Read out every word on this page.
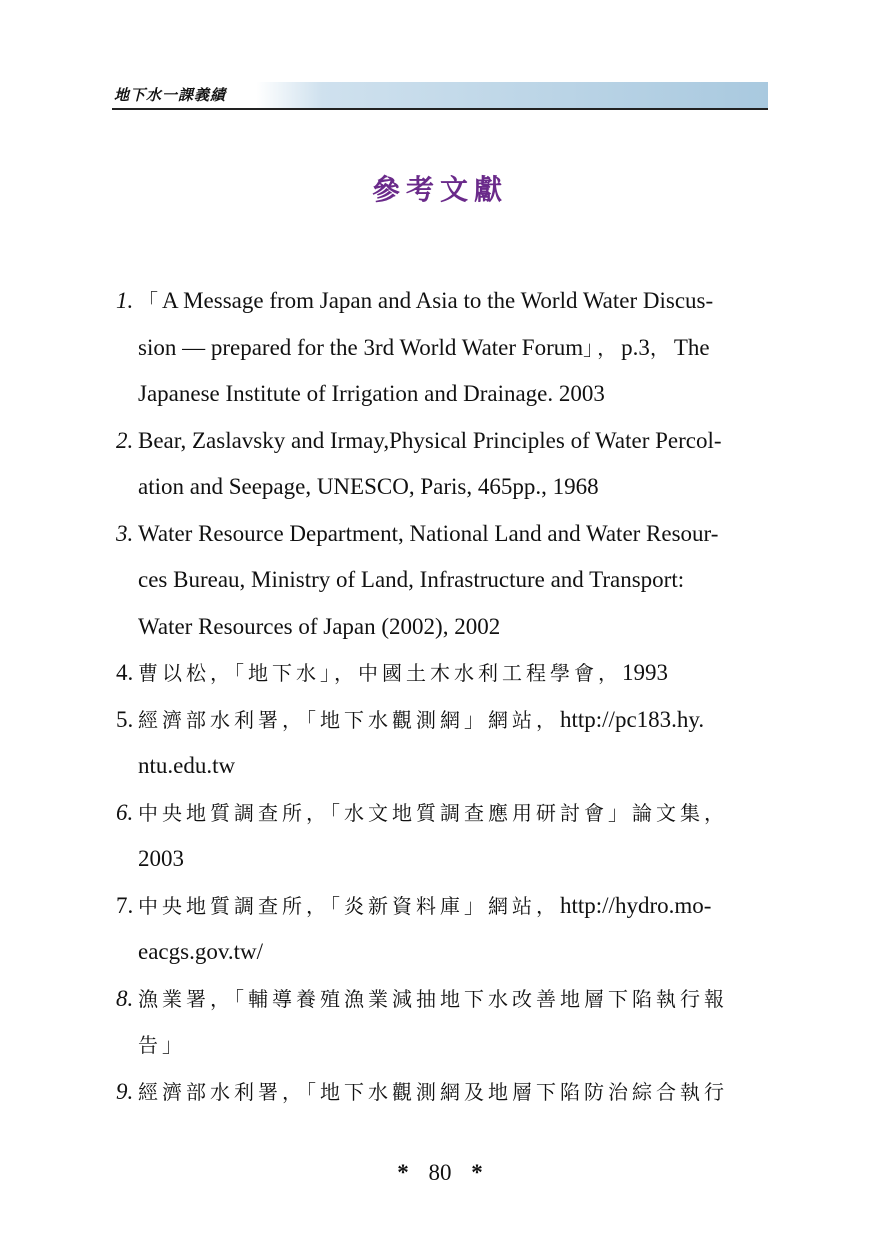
地下水一課義績
參考文獻
1. 「A Message from Japan and Asia to the World Water Discus-
sion — prepared for the 3rd World Water Forum」，p.3，The
Japanese Institute of Irrigation and Drainage. 2003
2. Bear, Zaslavsky and Irmay,Physical Principles of Water Percol-
ation and Seepage, UNESCO, Paris, 465pp., 1968
3. Water Resource Department, National Land and Water Resour-
ces Bureau, Ministry of Land, Infrastructure and Transport:
Water Resources of Japan (2002), 2002
4. 曹以松，「地下水」，中國土木水利工程學會，1993
5. 經濟部水利署，「地下水觀測網」網站，http://pc183.hy.
ntu.edu.tw
6. 中央地質調查所，「水文地質調查應用研討會」論文集，
2003
7. 中央地質調查所，「炎新資料庫」網站，http://hydro.mo-
eacgs.gov.tw/
8. 漁業署，「輔導養殖漁業減抽地下水改善地層下陷執行報
告」
9. 經濟部水利署，「地下水觀測網及地層下陷防治綜合執行
* 80 *
